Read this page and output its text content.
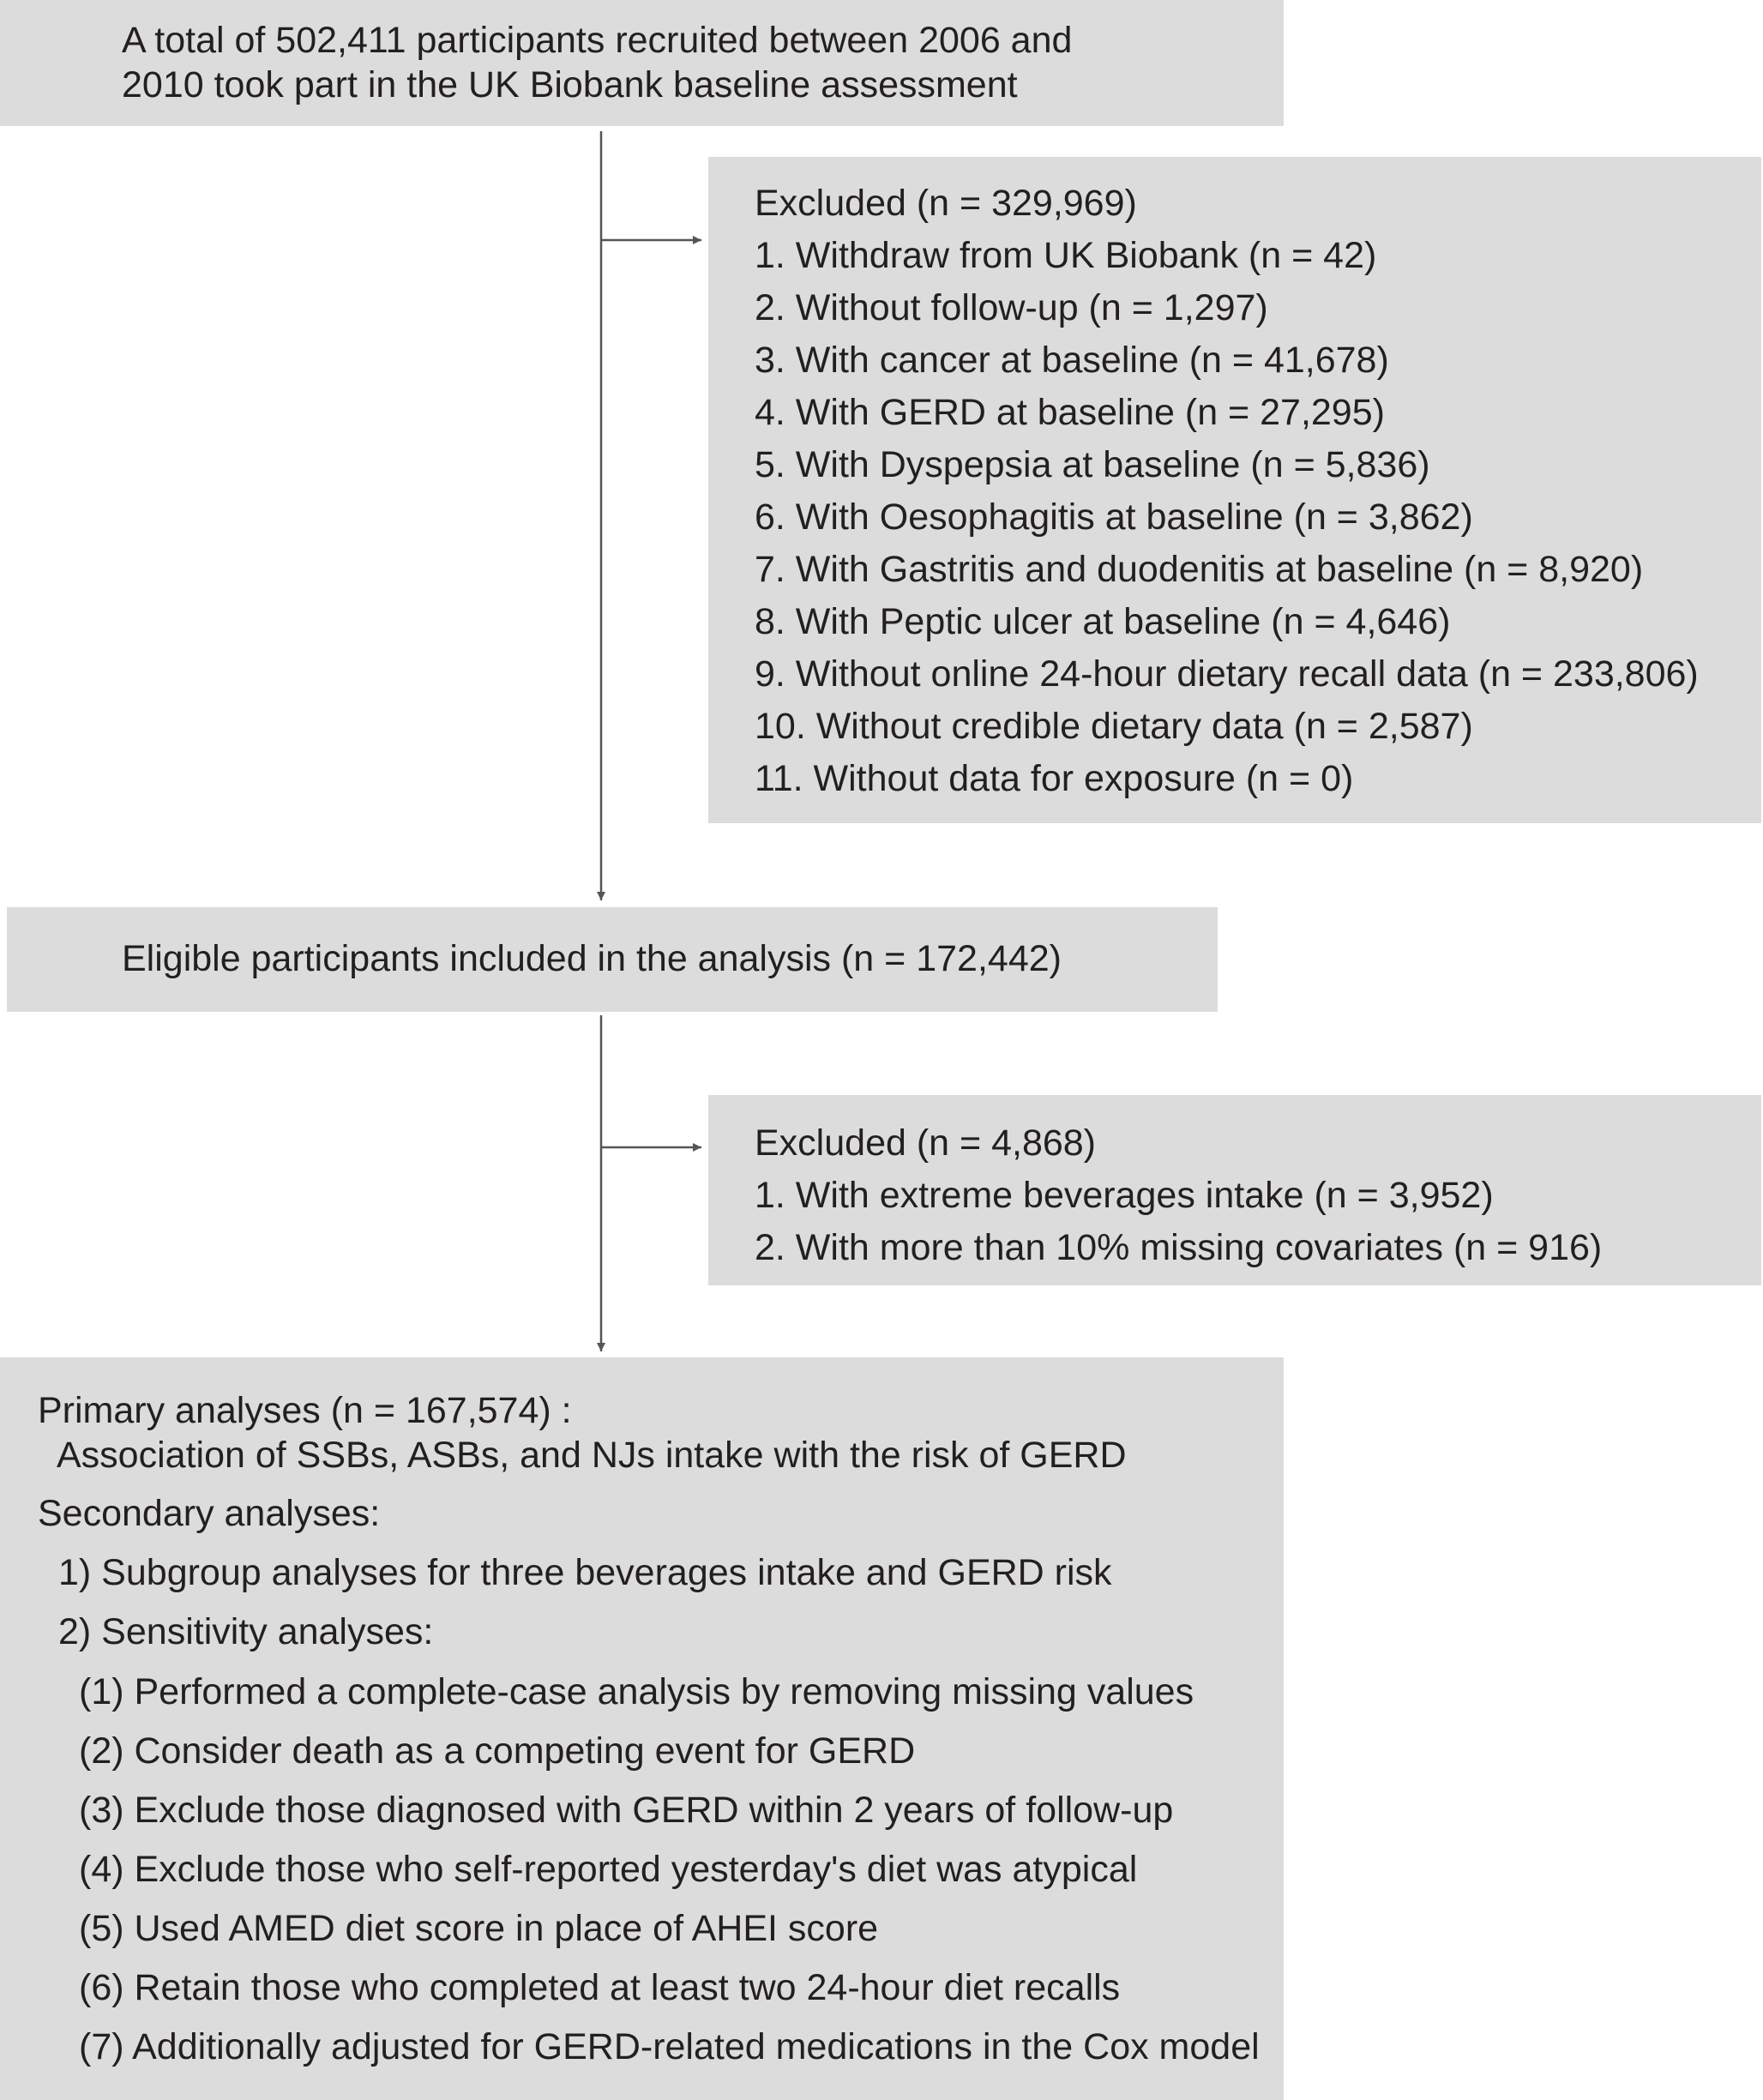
A total of 502,411 participants recruited between 2006 and
2010 took part in the UK Biobank baseline assessment
Excluded (n = 329,969)
1. Withdraw from UK Biobank (n = 42)
2. Without follow-up (n = 1,297)
3. With cancer at baseline (n = 41,678)
4. With GERD at baseline (n = 27,295)
5. With Dyspepsia at baseline (n = 5,836)
6. With Oesophagitis at baseline (n = 3,862)
7. With Gastritis and duodenitis at baseline (n = 8,920)
8. With Peptic ulcer at baseline (n = 4,646)
9. Without online 24-hour dietary recall data (n = 233,806)
10. Without credible dietary data (n = 2,587)
11. Without data for exposure (n = 0)
Eligible participants included in the analysis (n = 172,442)
Excluded (n = 4,868)
1. With extreme beverages intake (n = 3,952)
2. With more than 10% missing covariates (n = 916)
Primary analyses (n = 167,574) :
Association of SSBs, ASBs, and NJs intake with the risk of GERD
Secondary analyses:
1) Subgroup analyses for three beverages intake and GERD risk
2) Sensitivity analyses:
(1) Performed a complete-case analysis by removing missing values
(2) Consider death as a competing event for GERD
(3) Exclude those diagnosed with GERD within 2 years of follow-up
(4) Exclude those who self-reported yesterday's diet was atypical
(5) Used AMED diet score in place of AHEI score
(6) Retain those who completed at least two 24-hour diet recalls
(7) Additionally adjusted for GERD-related medications in the Cox model
